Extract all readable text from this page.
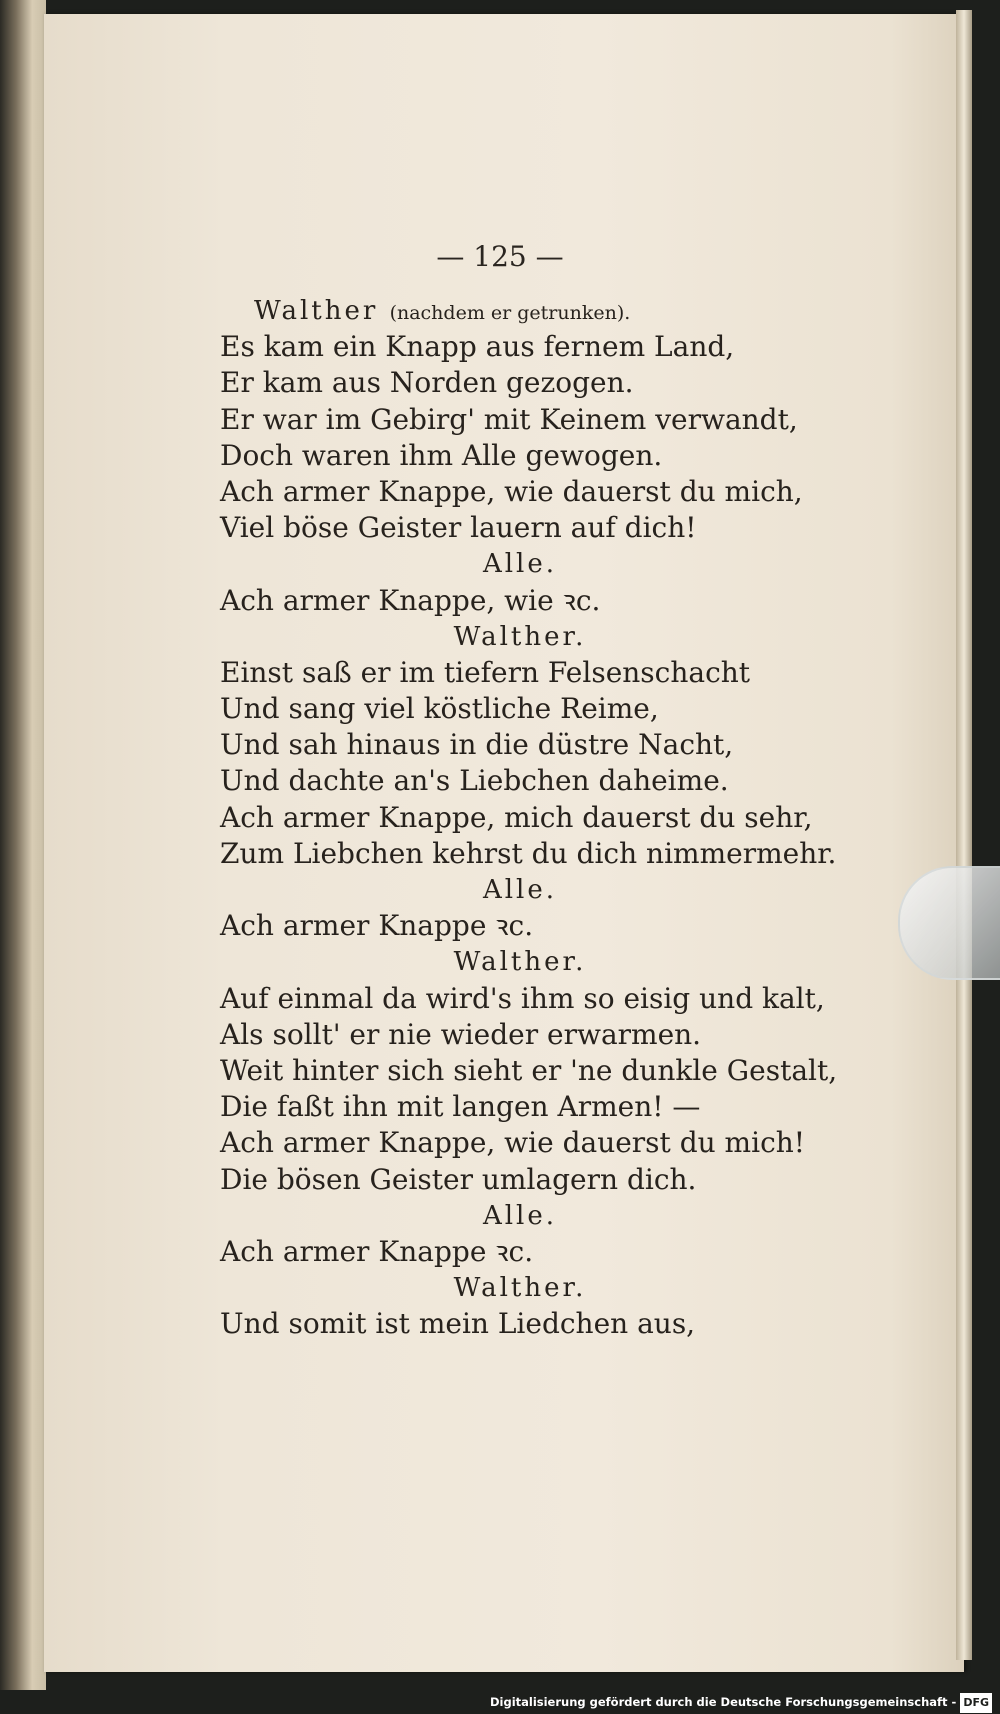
— 125 —
Walther (nachdem er getrunken).
Es kam ein Knapp aus fernem Land,
Er kam aus Norden gezogen.
Er war im Gebirg' mit Keinem verwandt,
Doch waren ihm Alle gewogen.
Ach armer Knappe, wie dauerst du mich,
Viel böse Geister lauern auf dich!
Alle.
Ach armer Knappe, wie ꝛc.
Walther.
Einst saß er im tiefern Felsenschacht
Und sang viel köstliche Reime,
Und sah hinaus in die düstre Nacht,
Und dachte an's Liebchen daheime.
Ach armer Knappe, mich dauerst du sehr,
Zum Liebchen kehrst du dich nimmermehr.
Alle.
Ach armer Knappe ꝛc.
Walther.
Auf einmal da wird's ihm so eisig und kalt,
Als sollt' er nie wieder erwarmen.
Weit hinter sich sieht er 'ne dunkle Gestalt,
Die faßt ihn mit langen Armen! —
Ach armer Knappe, wie dauerst du mich!
Die bösen Geister umlagern dich.
Alle.
Ach armer Knappe ꝛc.
Walther.
Und somit ist mein Liedchen aus,
Digitalisierung gefördert durch die Deutsche Forschungsgemeinschaft - DFG
